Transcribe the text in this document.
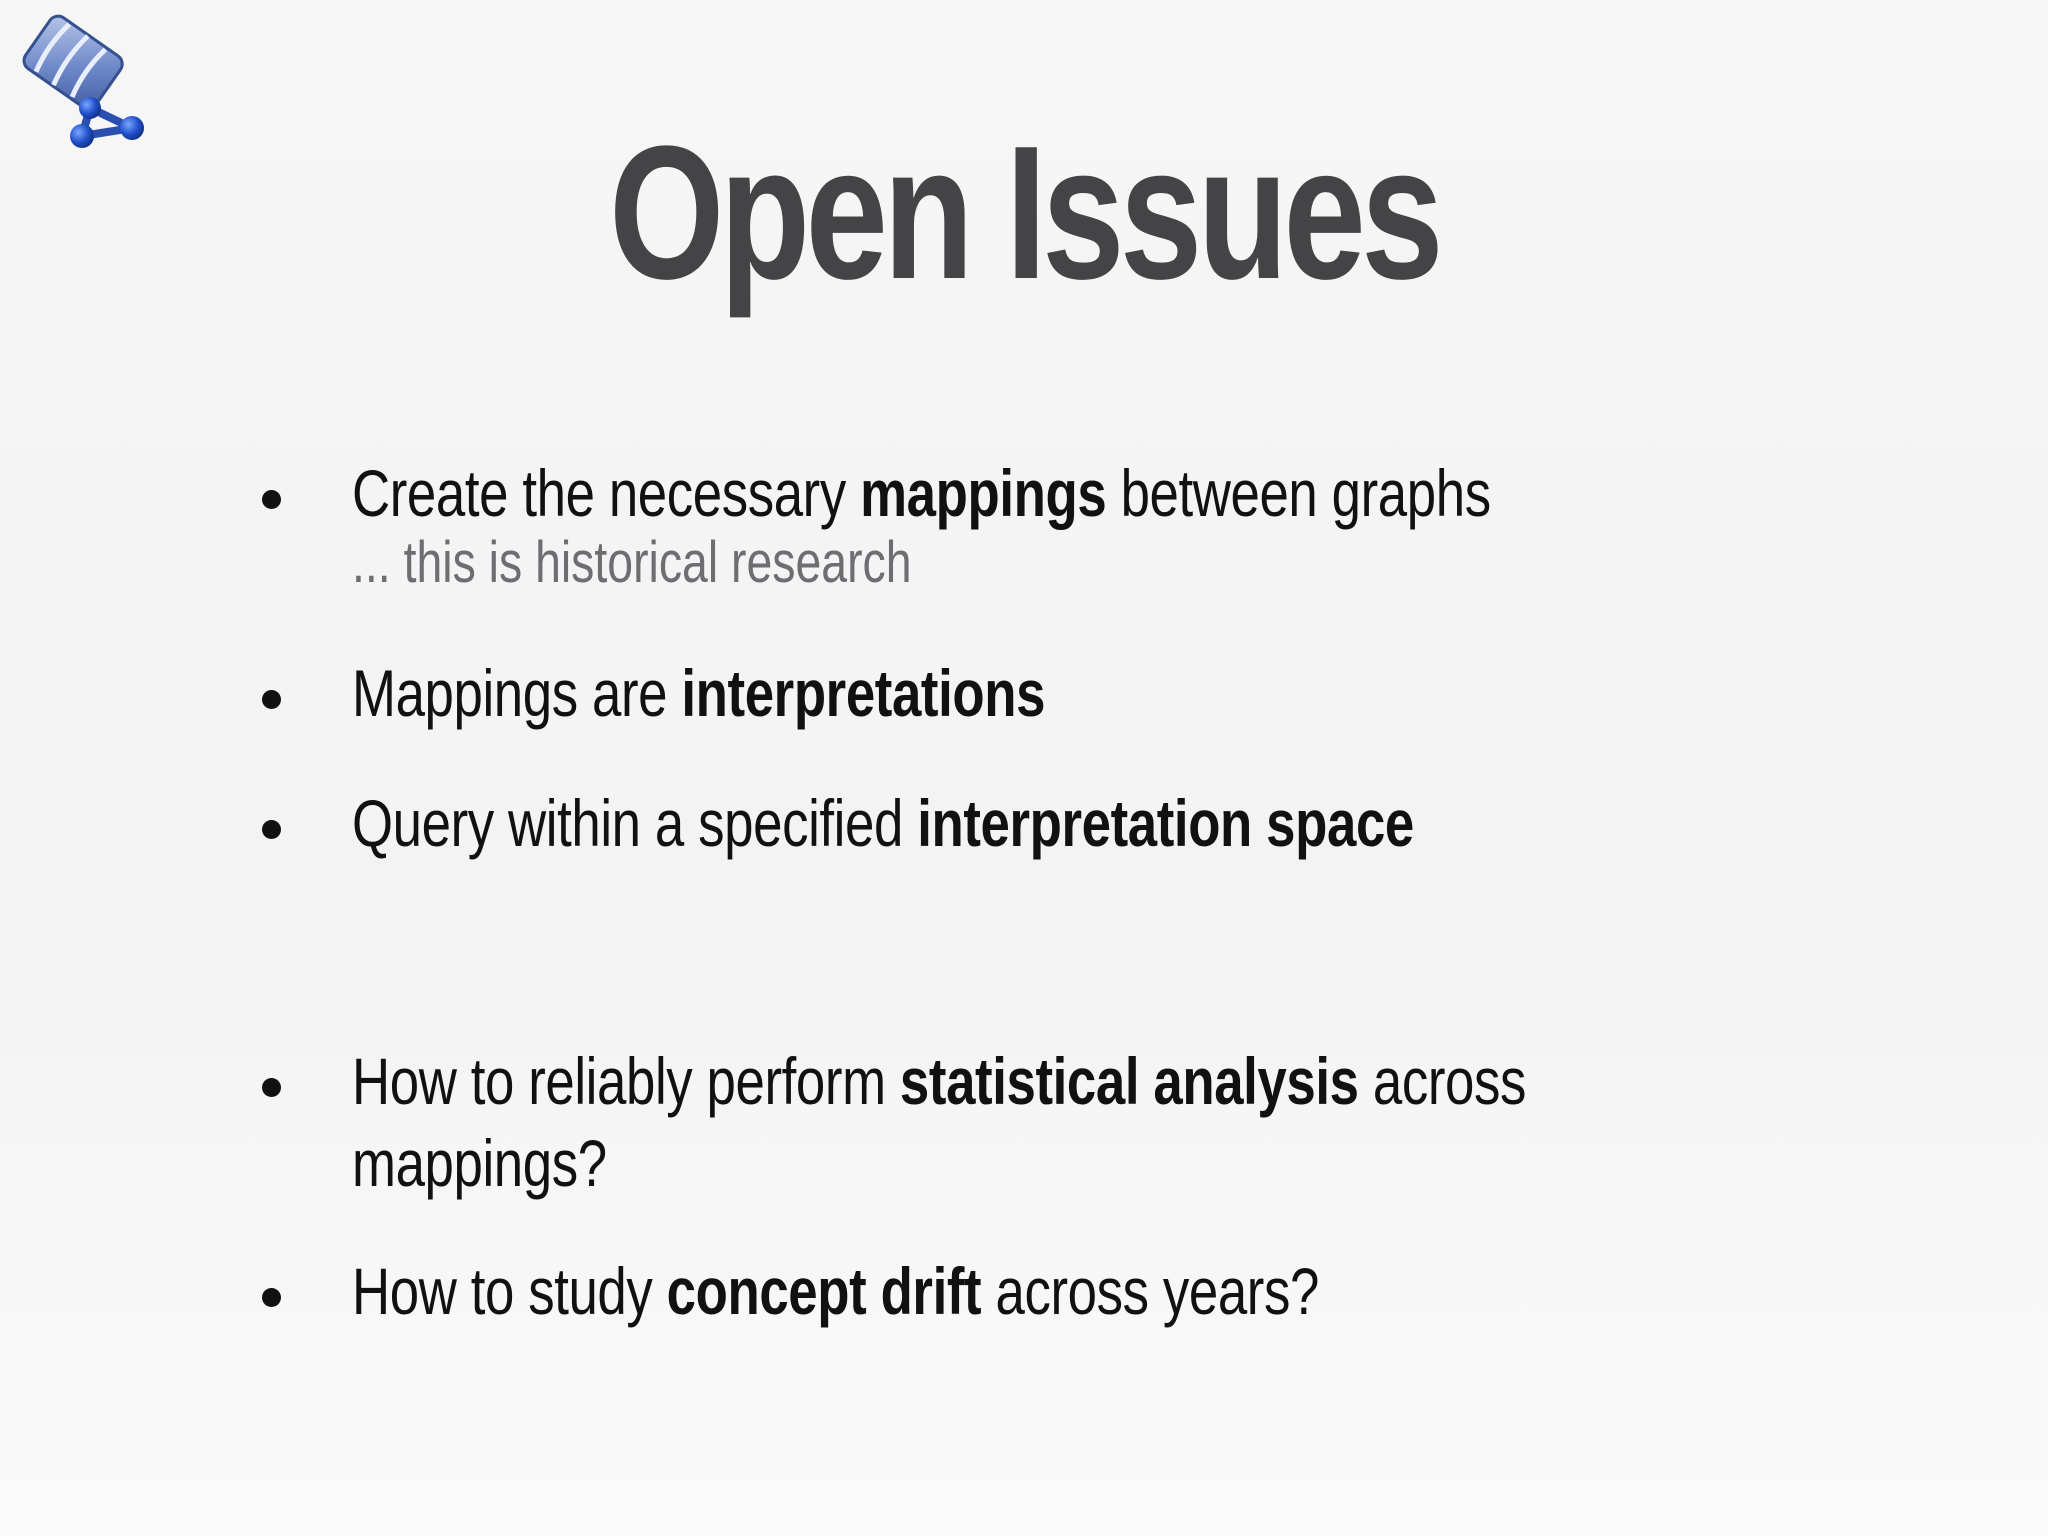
Open Issues
Create the necessary mappings between graphs
... this is historical research
Mappings are interpretations
Query within a specified interpretation space
How to reliably perform statistical analysis across
mappings?
How to study concept drift across years?
